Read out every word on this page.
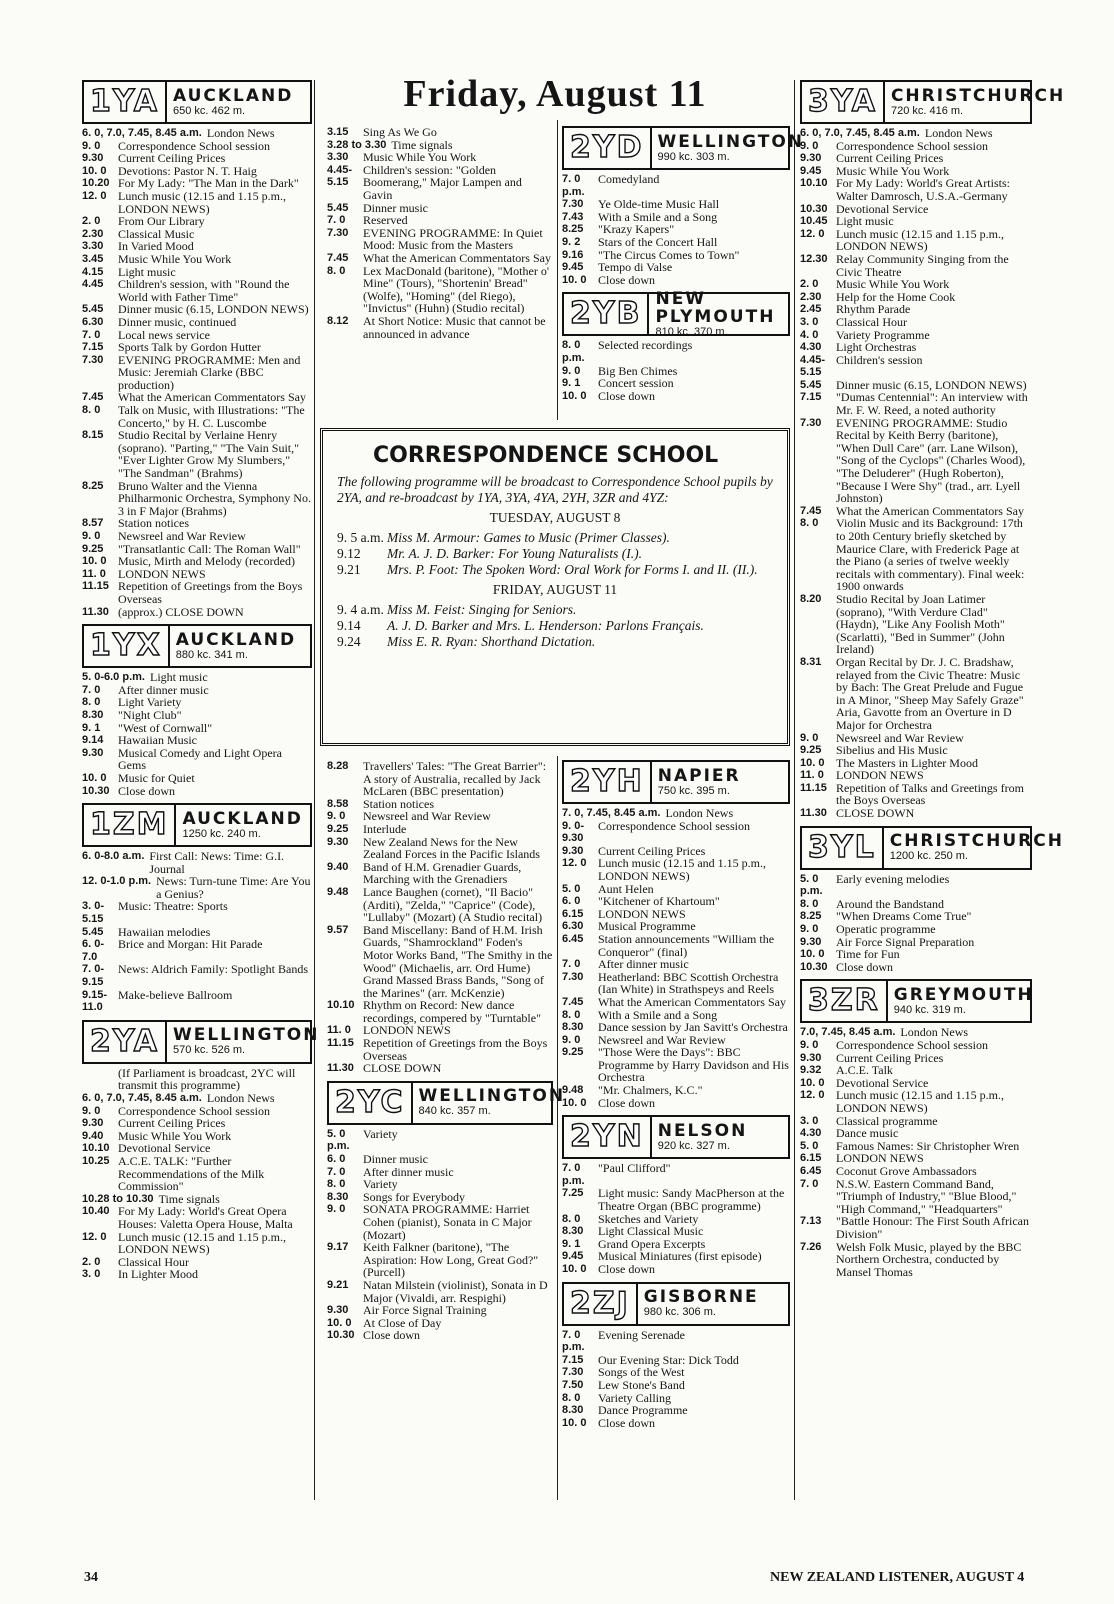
Friday, August 11
1YA AUCKLAND
650 kc. 462 m.
6. 0, 7.0, 7.45, 8.45 a.m. London News
9. 0	Correspondence School session
9.30	Current Ceiling Prices
10. 0 Devotions: Pastor N. T. Haig
10.20 For My Lady: "The Man in the Dark"
12. 0 Lunch music (12.15 and 1.15 p.m., LONDON NEWS)
2. 0	From Our Library
2.30	Classical Music
3.30	In Varied Mood
3.45	Music While You Work
4.15	Light music
4.45	Children's session, with "Round the World with Father Time"
5.45	Dinner music (6.15, LONDON NEWS)
6.30	Dinner music, continued
7. 0	Local news service
7.15	Sports Talk by Gordon Hutter
7.30	EVENING PROGRAMME: Men and Music: Jeremiah Clarke (BBC production)
7.45	What the American Commentators Say
8. 0	Talk on Music, with Illustrations: "The Concerto," by H. C. Luscombe
8.15	Studio Recital by Verlaine Henry (soprano). "Parting," "The Vain Suit," "Ever Lighter Grow My Slumbers," "The Sandman" (Brahms)
8.25	Bruno Walter and the Vienna Philharmonic Orchestra, Symphony No. 3 in F Major (Brahms)
8.57	Station notices
9. 0	Newsreel and War Review
9.25	"Transatlantic Call: The Roman Wall"
10. 0 Music, Mirth and Melody (recorded)
11. 0	LONDON NEWS
11.15 Repetition of Greetings from the Boys Overseas
11.30 (approx.) CLOSE DOWN
1YX AUCKLAND
880 kc. 341 m.
5. 0-6.0 p.m. Light music
7. 0	After dinner music
8. 0	Light Variety
8.30	"Night Club"
9. 1	"West of Cornwall"
9.14	Hawaiian Music
9.30	Musical Comedy and Light Opera Gems
10. 0 Music for Quiet
10.30 Close down
1ZM AUCKLAND
1250 kc. 240 m.
6. 0-8.0 a.m. First Call: News: Time: G.I. Journal
12. 0-1.0 p.m. News: Turn-tune Time: Are You a Genius?
3. 0-5.15
Music: Theatre: Sports
5.45	Hawaiian melodies
6. 0-7.0
Brice and Morgan: Hit Parade
7. 0-9.15
News: Aldrich Family: Spotlight Bands
9.15-11.0
Make-believe Ballroom
2YA WELLINGTON
570 kc. 526 m.
(If Parliament is broadcast, 2YC will transmit this programme)
6. 0, 7.0, 7.45, 8.45 a.m. London News
9. 0	Correspondence School session
9.30	Current Ceiling Prices
9.40	Music While You Work
10.10 Devotional Service
10.25 A.C.E. TALK: "Further Recommendations of the Milk Commission"
10.28 to 10.30 Time signals
10.40 For My Lady: World's Great Opera Houses: Valetta Opera House, Malta
12. 0 Lunch music (12.15 and 1.15 p.m., LONDON NEWS)
2. 0	Classical Hour
3. 0	In Lighter Mood
3.15	Sing As We Go
3.28 to 3.30 Time signals
3.30	Music While You Work
4.45-5.15
Children's session: "Golden Boomerang," Major Lampen and Gavin
5.45	Dinner music
7. 0	Reserved
7.30	EVENING PROGRAMME: In Quiet Mood: Music from the Masters
7.45	What the American Commentators Say
8. 0	Lex MacDonald (baritone), "Mother o' Mine" (Tours), "Shortenin' Bread" (Wolfe), "Homing" (del Riego), "Invictus" (Huhn) (Studio recital)
8.12	At Short Notice: Music that cannot be announced in advance
2YD WELLINGTON
990 kc. 303 m.
7. 0 p.m.
Comedyland
7.30	Ye Olde-time Music Hall
7.43	With a Smile and a Song
8.25	"Krazy Kapers"
9. 2	Stars of the Concert Hall
9.16	"The Circus Comes to Town"
9.45	Tempo di Valse
10. 0 Close down
2YB NEW PLYMOUTH
810 kc. 370 m.
8. 0 p.m.
Selected recordings
9. 0	Big Ben Chimes
9. 1	Concert session
10. 0 Close down
CORRESPONDENCE SCHOOL
The following programme will be broadcast to Correspondence School pupils by 2YA, and re-broadcast by 1YA, 3YA, 4YA, 2YH, 3ZR and 4YZ:
TUESDAY, AUGUST 8
9. 5 a.m. Miss M. Armour: Games to Music (Primer Classes).
9.12	Mr. A. J. D. Barker: For Young Naturalists (I.).
9.21	Mrs. P. Foot: The Spoken Word: Oral Work for Forms I. and II. (II.).
FRIDAY, AUGUST 11
9. 4 a.m. Miss M. Feist: Singing for Seniors.
9.14	A. J. D. Barker and Mrs. L. Henderson: Parlons Français.
9.24	Miss E. R. Ryan: Shorthand Dictation.
8.28	Travellers' Tales: "The Great Barrier": A story of Australia, recalled by Jack McLaren (BBC presentation)
8.58	Station notices
9. 0	Newsreel and War Review
9.25	Interlude
9.30	New Zealand News for the New Zealand Forces in the Pacific Islands
9.40	Band of H.M. Grenadier Guards, Marching with the Grenadiers
9.48	Lance Baughen (cornet), "Il Bacio" (Arditi), "Zelda," "Caprice" (Code), "Lullaby" (Mozart) (A Studio recital)
9.57	Band Miscellany: Band of H.M. Irish Guards, "Shamrockland" Foden's Motor Works Band, "The Smithy in the Wood" (Michaelis, arr. Ord Hume) Grand Massed Brass Bands, "Song of the Marines" (arr. McKenzie)
10.10 Rhythm on Record: New dance recordings, compered by "Turntable"
11. 0	LONDON NEWS
11.15 Repetition of Greetings from the Boys Overseas
11.30 CLOSE DOWN
2YC WELLINGTON
840 kc. 357 m.
5. 0 p.m.
Variety
6. 0	Dinner music
7. 0	After dinner music
8. 0	Variety
8.30	Songs for Everybody
9. 0	SONATA PROGRAMME: Harriet Cohen (pianist), Sonata in C Major (Mozart)
9.17	Keith Falkner (baritone), "The Aspiration: How Long, Great God?" (Purcell)
9.21	Natan Milstein (violinist), Sonata in D Major (Vivaldi, arr. Respighi)
9.30	Air Force Signal Training
10. 0 At Close of Day
10.30 Close down
2YH NAPIER
750 kc. 395 m.
7. 0, 7.45, 8.45 a.m. London News
9. 0-9.30
Correspondence School session
9.30	Current Ceiling Prices
12. 0 Lunch music (12.15 and 1.15 p.m., LONDON NEWS)
5. 0	Aunt Helen
6. 0	"Kitchener of Khartoum"
6.15	LONDON NEWS
6.30	Musical Programme
6.45	Station announcements "William the Conqueror" (final)
7. 0	After dinner music
7.30	Heatherland: BBC Scottish Orchestra (Ian White) in Strathspeys and Reels
7.45	What the American Commentators Say
8. 0	With a Smile and a Song
8.30	Dance session by Jan Savitt's Orchestra
9. 0	Newsreel and War Review
9.25	"Those Were the Days": BBC Programme by Harry Davidson and His Orchestra
9.48	"Mr. Chalmers, K.C."
10. 0 Close down
2YN NELSON
920 kc. 327 m.
7. 0 p.m.
"Paul Clifford"
7.25	Light music: Sandy MacPherson at the Theatre Organ (BBC programme)
8. 0	Sketches and Variety
8.30	Light Classical Music
9. 1	Grand Opera Excerpts
9.45	Musical Miniatures (first episode)
10. 0 Close down
2ZJ GISBORNE
980 kc. 306 m.
7. 0 p.m.
Evening Serenade
7.15	Our Evening Star: Dick Todd
7.30	Songs of the West
7.50	Lew Stone's Band
8. 0	Variety Calling
8.30	Dance Programme
10. 0 Close down
3YA CHRISTCHURCH
720 kc. 416 m.
6. 0, 7.0, 7.45, 8.45 a.m. London News
9. 0	Correspondence School session
9.30	Current Ceiling Prices
9.45	Music While You Work
10.10 For My Lady: World's Great Artists: Walter Damrosch, U.S.A.-Germany
10.30 Devotional Service
10.45 Light music
12. 0 Lunch music (12.15 and 1.15 p.m., LONDON NEWS)
12.30 Relay Community Singing from the Civic Theatre
2. 0	Music While You Work
2.30	Help for the Home Cook
2.45	Rhythm Parade
3. 0	Classical Hour
4. 0	Variety Programme
4.30	Light Orchestras
4.45-5.15
Children's session
5.45	Dinner music (6.15, LONDON NEWS)
7.15	"Dumas Centennial": An interview with Mr. F. W. Reed, a noted authority
7.30	EVENING PROGRAMME: Studio Recital by Keith Berry (baritone), "When Dull Care" (arr. Lane Wilson), "Song of the Cyclops" (Charles Wood), "The Deluderer" (Hugh Roberton), "Because I Were Shy" (trad., arr. Lyell Johnston)
7.45	What the American Commentators Say
8. 0	Violin Music and its Background: 17th to 20th Century briefly sketched by Maurice Clare, with Frederick Page at the Piano (a series of twelve weekly recitals with commentary). Final week: 1900 onwards
8.20	Studio Recital by Joan Latimer (soprano), "With Verdure Clad" (Haydn), "Like Any Foolish Moth" (Scarlatti), "Bed in Summer" (John Ireland)
8.31	Organ Recital by Dr. J. C. Bradshaw, relayed from the Civic Theatre: Music by Bach: The Great Prelude and Fugue in A Minor, "Sheep May Safely Graze" Aria, Gavotte from an Overture in D Major for Orchestra
9. 0	Newsreel and War Review
9.25	Sibelius and His Music
10. 0 The Masters in Lighter Mood
11. 0	LONDON NEWS
11.15 Repetition of Talks and Greetings from the Boys Overseas
11.30 CLOSE DOWN
3YL CHRISTCHURCH
1200 kc. 250 m.
5. 0 p.m.
Early evening melodies
8. 0	Around the Bandstand
8.25	"When Dreams Come True"
9. 0	Operatic programme
9.30	Air Force Signal Preparation
10. 0 Time for Fun
10.30 Close down
3ZR GREYMOUTH
940 kc. 319 m.
7.0, 7.45, 8.45 a.m. London News
9. 0	Correspondence School session
9.30	Current Ceiling Prices
9.32	A.C.E. Talk
10. 0 Devotional Service
12. 0 Lunch music (12.15 and 1.15 p.m., LONDON NEWS)
3. 0	Classical programme
4.30	Dance music
5. 0	Famous Names: Sir Christopher Wren
6.15	LONDON NEWS
6.45	Coconut Grove Ambassadors
7. 0	N.S.W. Eastern Command Band, "Triumph of Industry," "Blue Blood," "High Command," "Headquarters"
7.13	"Battle Honour: The First South African Division"
7.26	Welsh Folk Music, played by the BBC Northern Orchestra, conducted by Mansel Thomas
34	NEW ZEALAND LISTENER, AUGUST 4
